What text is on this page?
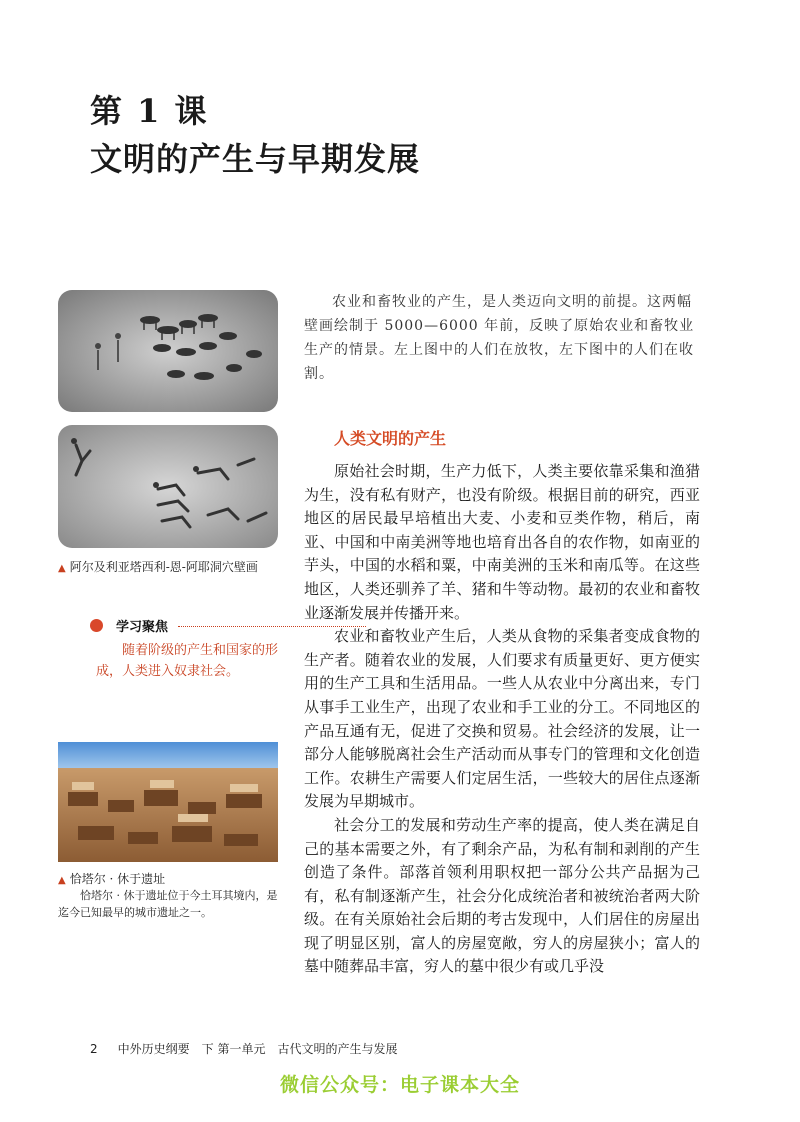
第 1 课
文明的产生与早期发展
▲ 阿尔及利亚塔西利-恩-阿耶洞穴壁画
学习聚焦
随着阶级的产生和国家的形成，人类进入奴隶社会。
▲ 恰塔尔 · 休于遗址
恰塔尔 · 休于遗址位于今土耳其境内，是迄今已知最早的城市遗址之一。
农业和畜牧业的产生，是人类迈向文明的前提。这两幅壁画绘制于 5000—6000 年前，反映了原始农业和畜牧业生产的情景。左上图中的人们在放牧，左下图中的人们在收割。
人类文明的产生

原始社会时期，生产力低下，人类主要依靠采集和渔猎为生，没有私有财产，也没有阶级。根据目前的研究，西亚地区的居民最早培植出大麦、小麦和豆类作物，稍后，南亚、中国和中南美洲等地也培育出各自的农作物，如南亚的芋头，中国的水稻和粟，中南美洲的玉米和南瓜等。在这些地区，人类还驯养了羊、猪和牛等动物。最初的农业和畜牧业逐渐发展并传播开来。

农业和畜牧业产生后，人类从食物的采集者变成食物的生产者。随着农业的发展，人们要求有质量更好、更方便实用的生产工具和生活用品。一些人从农业中分离出来，专门从事手工业生产，出现了农业和手工业的分工。不同地区的产品互通有无，促进了交换和贸易。社会经济的发展，让一部分人能够脱离社会生产活动而从事专门的管理和文化创造工作。农耕生产需要人们定居生活，一些较大的居住点逐渐发展为早期城市。

社会分工的发展和劳动生产率的提高，使人类在满足自己的基本需要之外，有了剩余产品，为私有制和剥削的产生创造了条件。部落首领利用职权把一部分公共产品据为己有，私有制逐渐产生，社会分化成统治者和被统治者两大阶级。在有关原始社会后期的考古发现中，人们居住的房屋出现了明显区别，富人的房屋宽敞，穷人的房屋狭小；富人的墓中随葬品丰富，穷人的墓中很少有或几乎没

2 中外历史纲要　下 第一单元　古代文明的产生与发展
微信公众号：电子课本大全
